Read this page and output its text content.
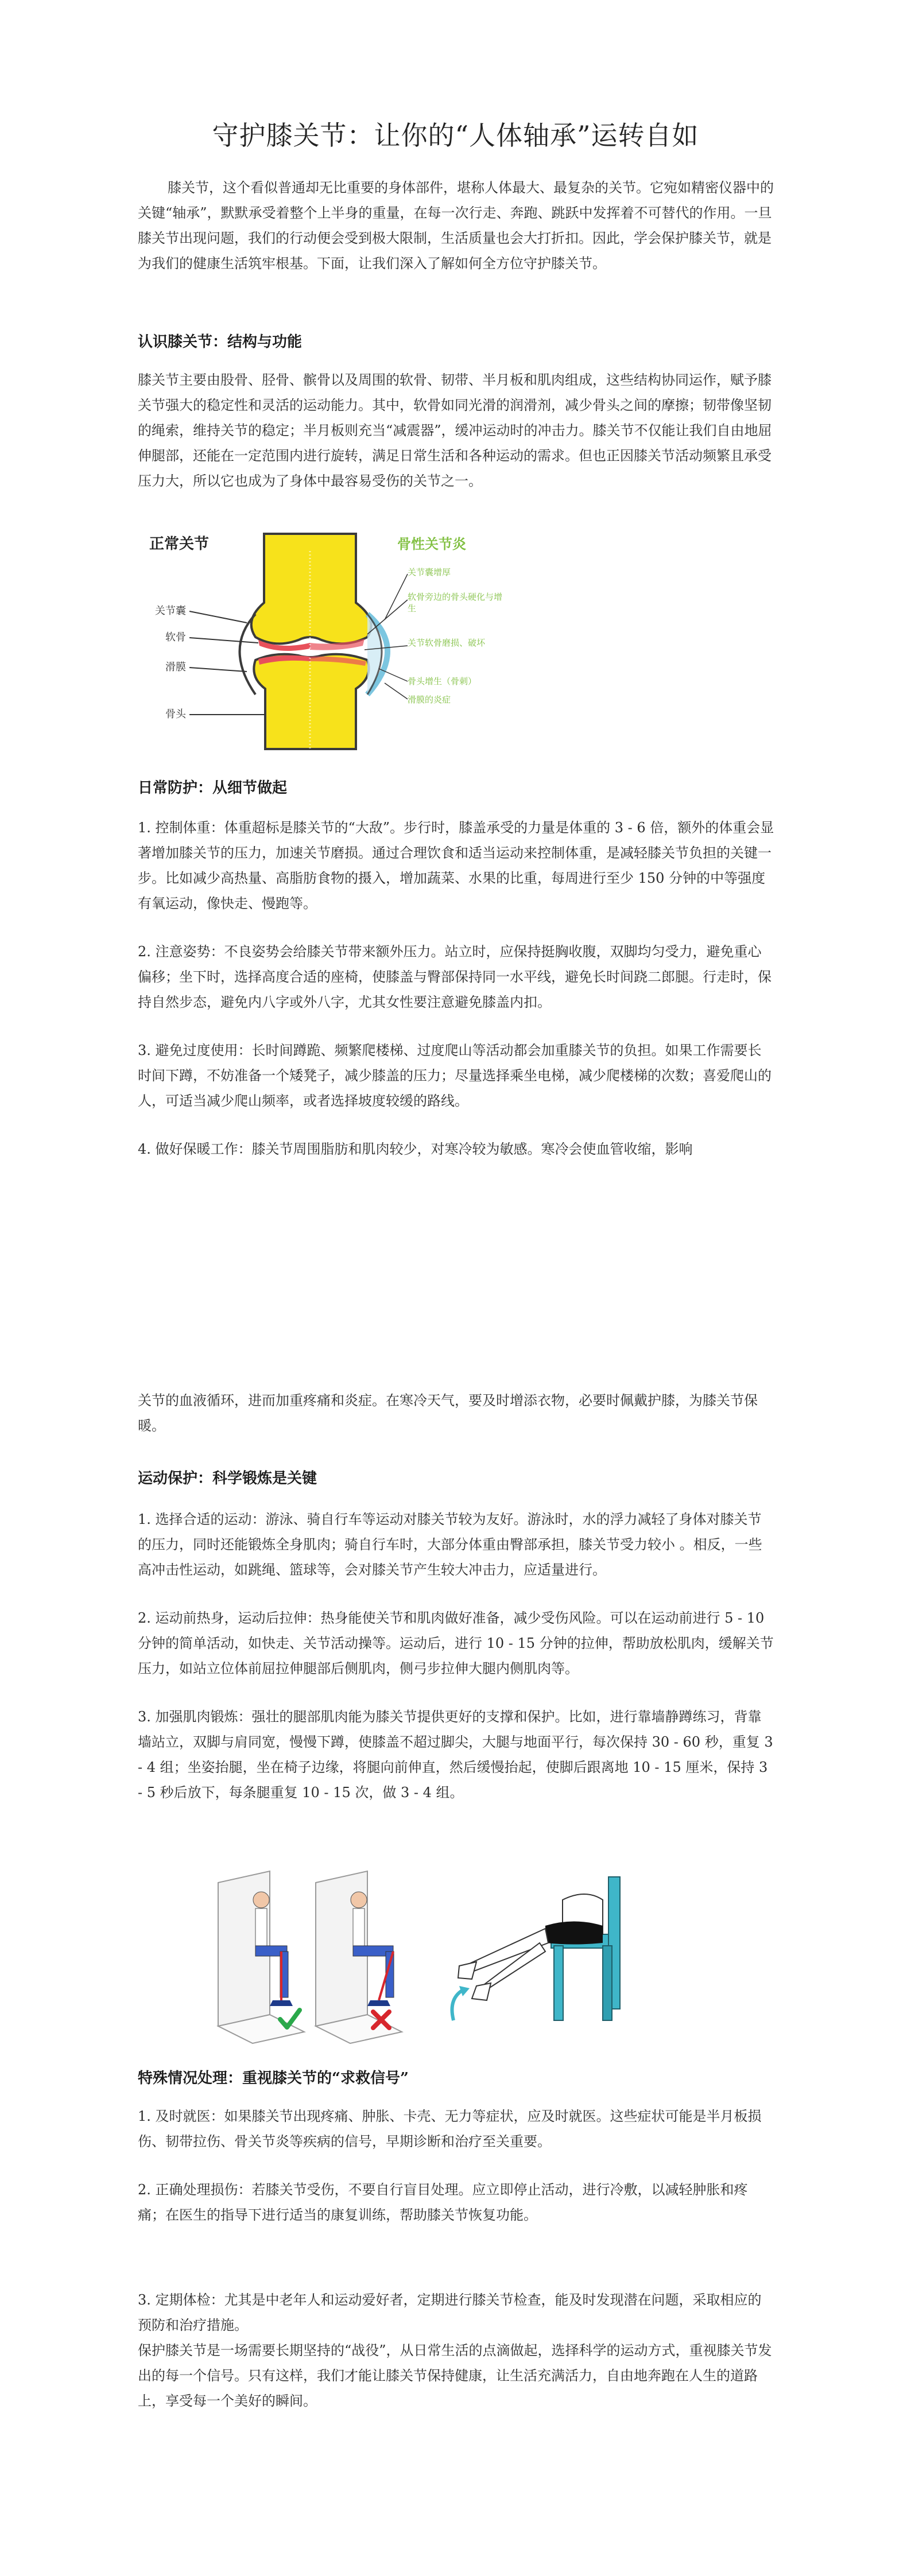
守护膝关节：让你的“人体轴承”运转自如
膝关节，这个看似普通却无比重要的身体部件，堪称人体最大、最复杂的关节。它宛如精密仪器中的关键“轴承”，默默承受着整个上半身的重量，在每一次行走、奔跑、跳跃中发挥着不可替代的作用。一旦膝关节出现问题，我们的行动便会受到极大限制，生活质量也会大打折扣。因此，学会保护膝关节，就是为我们的健康生活筑牢根基。下面，让我们深入了解如何全方位守护膝关节。
认识膝关节：结构与功能
膝关节主要由股骨、胫骨、髌骨以及周围的软骨、韧带、半月板和肌肉组成，这些结构协同运作，赋予膝关节强大的稳定性和灵活的运动能力。其中，软骨如同光滑的润滑剂，减少骨头之间的摩擦；韧带像坚韧的绳索，维持关节的稳定；半月板则充当“减震器”，缓冲运动时的冲击力。膝关节不仅能让我们自由地屈伸腿部，还能在一定范围内进行旋转，满足日常生活和各种运动的需求。但也正因膝关节活动频繁且承受压力大，所以它也成为了身体中最容易受伤的关节之一。
正常关节	骨性关节炎
关节囊
软骨
滑膜
骨头
关节囊增厚
软骨旁边的骨头硬化与增生
关节软骨磨损、破坏
骨头增生（骨刺）
滑膜的炎症
日常防护：从细节做起
1. 控制体重：体重超标是膝关节的“大敌”。步行时，膝盖承受的力量是体重的 3 - 6 倍，额外的体重会显著增加膝关节的压力，加速关节磨损。通过合理饮食和适当运动来控制体重，是减轻膝关节负担的关键一步。比如减少高热量、高脂肪食物的摄入，增加蔬菜、水果的比重，每周进行至少 150 分钟的中等强度有氧运动，像快走、慢跑等。
2. 注意姿势：不良姿势会给膝关节带来额外压力。站立时，应保持挺胸收腹，双脚均匀受力，避免重心偏移；坐下时，选择高度合适的座椅，使膝盖与臀部保持同一水平线，避免长时间跷二郎腿。行走时，保持自然步态，避免内八字或外八字，尤其女性要注意避免膝盖内扣。
3. 避免过度使用：长时间蹲跪、频繁爬楼梯、过度爬山等活动都会加重膝关节的负担。如果工作需要长时间下蹲，不妨准备一个矮凳子，减少膝盖的压力；尽量选择乘坐电梯，减少爬楼梯的次数；喜爱爬山的人，可适当减少爬山频率，或者选择坡度较缓的路线。
4. 做好保暖工作：膝关节周围脂肪和肌肉较少，对寒冷较为敏感。寒冷会使血管收缩，影响
关节的血液循环，进而加重疼痛和炎症。在寒冷天气，要及时增添衣物，必要时佩戴护膝，为膝关节保暖。
运动保护：科学锻炼是关键
1. 选择合适的运动：游泳、骑自行车等运动对膝关节较为友好。游泳时，水的浮力减轻了身体对膝关节的压力，同时还能锻炼全身肌肉；骑自行车时，大部分体重由臀部承担，膝关节受力较小 。相反，一些高冲击性运动，如跳绳、篮球等，会对膝关节产生较大冲击力，应适量进行。
2. 运动前热身，运动后拉伸：热身能使关节和肌肉做好准备，减少受伤风险。可以在运动前进行 5 - 10 分钟的简单活动，如快走、关节活动操等。运动后，进行 10 - 15 分钟的拉伸，帮助放松肌肉，缓解关节压力，如站立位体前屈拉伸腿部后侧肌肉，侧弓步拉伸大腿内侧肌肉等。
3. 加强肌肉锻炼：强壮的腿部肌肉能为膝关节提供更好的支撑和保护。比如，进行靠墙静蹲练习，背靠墙站立，双脚与肩同宽，慢慢下蹲，使膝盖不超过脚尖，大腿与地面平行，每次保持 30 - 60 秒，重复 3 - 4 组；坐姿抬腿，坐在椅子边缘，将腿向前伸直，然后缓慢抬起，使脚后跟离地 10 - 15 厘米，保持 3 - 5 秒后放下，每条腿重复 10 - 15 次，做 3 - 4 组。
特殊情况处理：重视膝关节的“求救信号”
1. 及时就医：如果膝关节出现疼痛、肿胀、卡壳、无力等症状，应及时就医。这些症状可能是半月板损伤、韧带拉伤、骨关节炎等疾病的信号，早期诊断和治疗至关重要。
2. 正确处理损伤：若膝关节受伤，不要自行盲目处理。应立即停止活动，进行冷敷，以减轻肿胀和疼痛；在医生的指导下进行适当的康复训练，帮助膝关节恢复功能。
3. 定期体检：尤其是中老年人和运动爱好者，定期进行膝关节检查，能及时发现潜在问题，采取相应的预防和治疗措施。
保护膝关节是一场需要长期坚持的“战役”，从日常生活的点滴做起，选择科学的运动方式，重视膝关节发出的每一个信号。只有这样，我们才能让膝关节保持健康，让生活充满活力，自由地奔跑在人生的道路上，享受每一个美好的瞬间。
